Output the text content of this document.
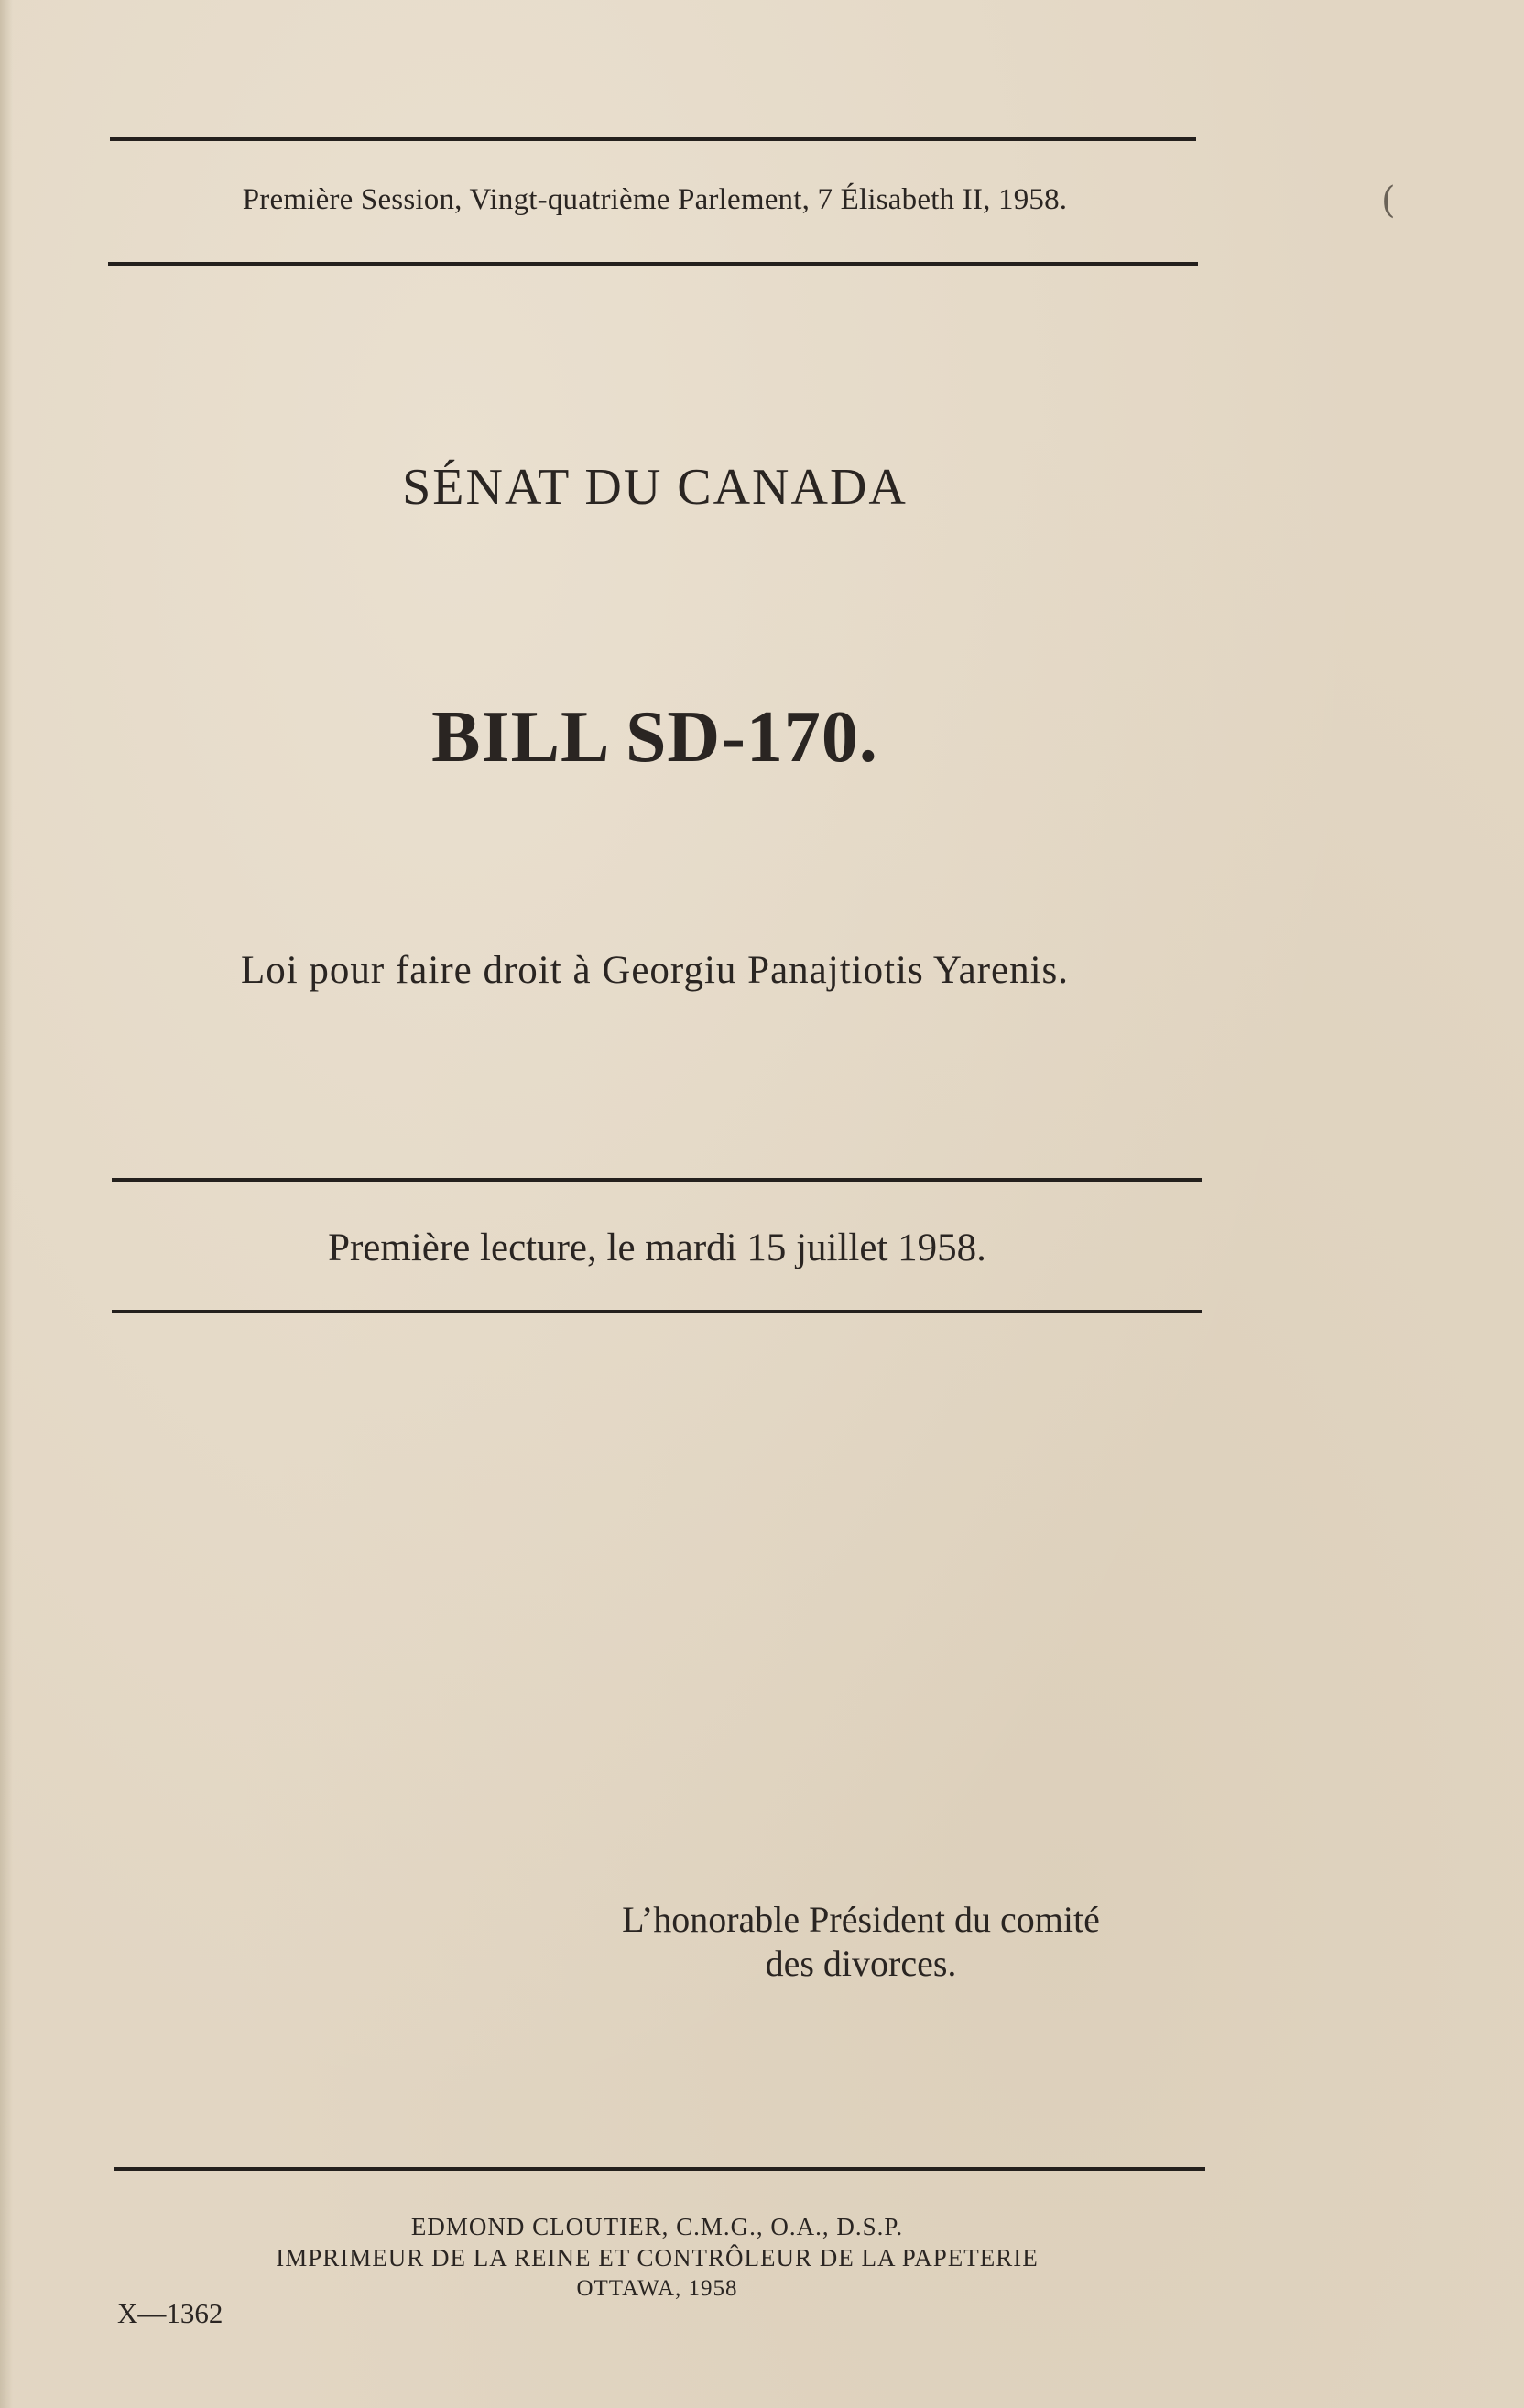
Première Session, Vingt-quatrième Parlement, 7 Élisabeth II, 1958.	(
SÉNAT DU CANADA
BILL SD-170.
Loi pour faire droit à Georgiu Panajtiotis Yarenis.
Première lecture, le mardi 15 juillet 1958.
L’honorable Président du comité
des divorces.
EDMOND CLOUTIER, C.M.G., O.A., D.S.P.
IMPRIMEUR DE LA REINE ET CONTRÔLEUR DE LA PAPETERIE
OTTAWA, 1958
X—1362
